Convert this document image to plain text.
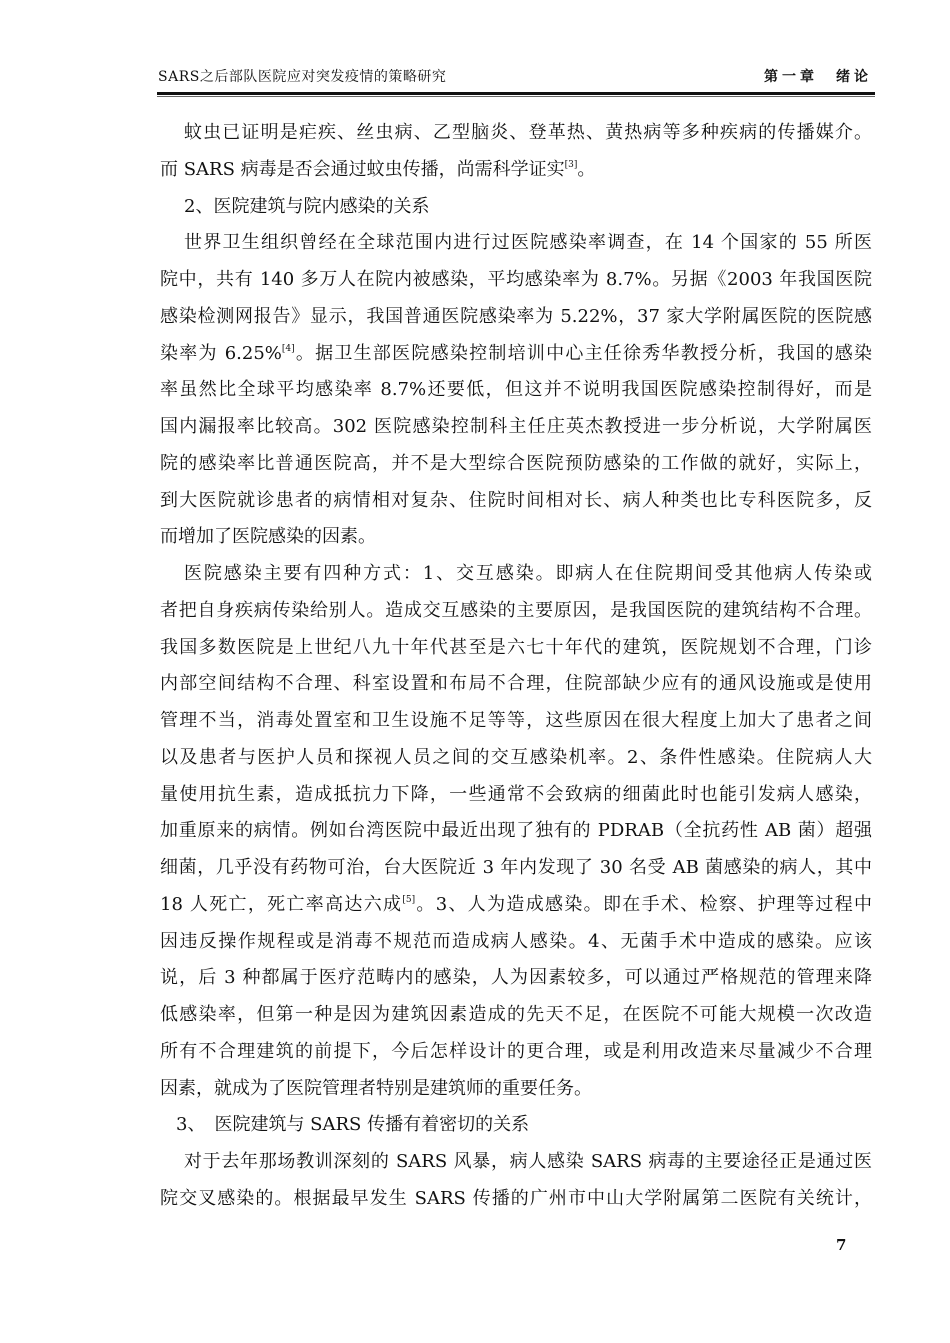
SARS之后部队医院应对突发疫情的策略研究	第一章　绪论
蚊虫已证明是疟疾、丝虫病、乙型脑炎、登革热、黄热病等多种疾病的传播媒介。
而 SARS 病毒是否会通过蚊虫传播，尚需科学证实[3]。
2、医院建筑与院内感染的关系
世界卫生组织曾经在全球范围内进行过医院感染率调查，在 14 个国家的 55 所医
院中，共有 140 多万人在院内被感染，平均感染率为 8.7%。另据《2003 年我国医院
感染检测网报告》显示，我国普通医院感染率为 5.22%，37 家大学附属医院的医院感
染率为 6.25%[4]。据卫生部医院感染控制培训中心主任徐秀华教授分析，我国的感染
率虽然比全球平均感染率 8.7%还要低，但这并不说明我国医院感染控制得好，而是
国内漏报率比较高。302 医院感染控制科主任庄英杰教授进一步分析说，大学附属医
院的感染率比普通医院高，并不是大型综合医院预防感染的工作做的就好，实际上，
到大医院就诊患者的病情相对复杂、住院时间相对长、病人种类也比专科医院多，反
而增加了医院感染的因素。
医院感染主要有四种方式：1、交互感染。即病人在住院期间受其他病人传染或
者把自身疾病传染给别人。造成交互感染的主要原因，是我国医院的建筑结构不合理。
我国多数医院是上世纪八九十年代甚至是六七十年代的建筑，医院规划不合理，门诊
内部空间结构不合理、科室设置和布局不合理，住院部缺少应有的通风设施或是使用
管理不当，消毒处置室和卫生设施不足等等，这些原因在很大程度上加大了患者之间
以及患者与医护人员和探视人员之间的交互感染机率。2、条件性感染。住院病人大
量使用抗生素，造成抵抗力下降，一些通常不会致病的细菌此时也能引发病人感染，
加重原来的病情。例如台湾医院中最近出现了独有的 PDRAB（全抗药性 AB 菌）超强
细菌，几乎没有药物可治，台大医院近 3 年内发现了 30 名受 AB 菌感染的病人，其中
18 人死亡，死亡率高达六成[5]。3、人为造成感染。即在手术、检察、护理等过程中
因违反操作规程或是消毒不规范而造成病人感染。4、无菌手术中造成的感染。应该
说，后 3 种都属于医疗范畴内的感染，人为因素较多，可以通过严格规范的管理来降
低感染率，但第一种是因为建筑因素造成的先天不足，在医院不可能大规模一次改造
所有不合理建筑的前提下，今后怎样设计的更合理，或是利用改造来尽量减少不合理
因素，就成为了医院管理者特别是建筑师的重要任务。
3、　医院建筑与 SARS 传播有着密切的关系
对于去年那场教训深刻的 SARS 风暴，病人感染 SARS 病毒的主要途径正是通过医
院交叉感染的。根据最早发生 SARS 传播的广州市中山大学附属第二医院有关统计，
7
